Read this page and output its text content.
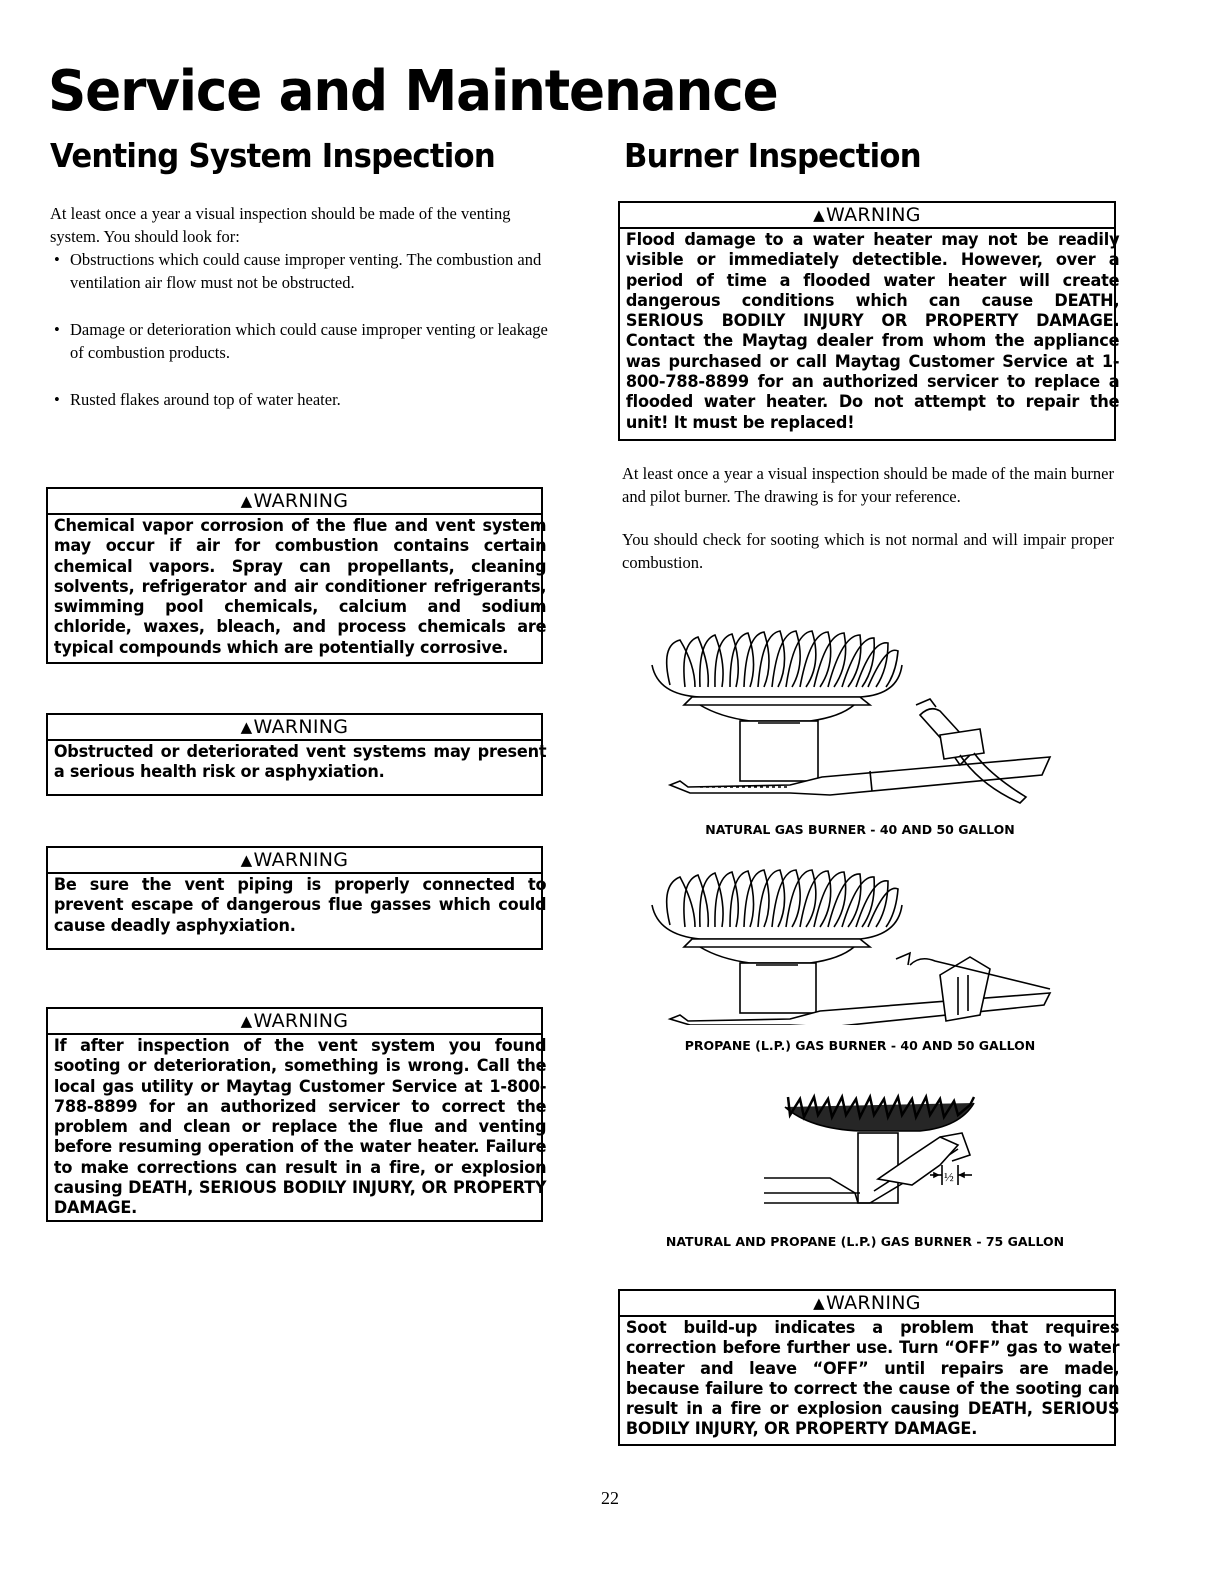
Service and Maintenance
Venting System Inspection
At least once a year a visual inspection should be made of the venting system. You should look for:
• Obstructions which could cause improper venting. The combustion and ventilation air flow must not be obstructed.
• Damage or deterioration which could cause improper venting or leakage of combustion products.
• Rusted flakes around top of water heater.
▲WARNING
Chemical vapor corrosion of the flue and vent system may occur if air for combustion contains certain chemical vapors. Spray can propellants, cleaning solvents, refrigerator and air conditioner refrigerants, swimming pool chemicals, calcium and sodium chloride, waxes, bleach, and process chemicals are typical compounds which are potentially corrosive.
▲WARNING
Obstructed or deteriorated vent systems may present a serious health risk or asphyxiation.
▲WARNING
Be sure the vent piping is properly connected to prevent escape of dangerous flue gasses which could cause deadly asphyxiation.
▲WARNING
If after inspection of the vent system you found sooting or deterioration, something is wrong. Call the local gas utility or Maytag Customer Service at 1-800-788-8899 for an authorized servicer to correct the problem and clean or replace the flue and venting before resuming operation of the water heater. Failure to make corrections can result in a fire, or explosion causing DEATH, SERIOUS BODILY INJURY, OR PROPERTY DAMAGE.
Burner Inspection
▲WARNING
Flood damage to a water heater may not be readily visible or immediately detectible. However, over a period of time a flooded water heater will create dangerous conditions which can cause DEATH, SERIOUS BODILY INJURY OR PROPERTY DAMAGE. Contact the Maytag dealer from whom the appliance was purchased or call Maytag Customer Service at 1-800-788-8899 for an authorized servicer to replace a flooded water heater. Do not attempt to repair the unit! It must be replaced!
At least once a year a visual inspection should be made of the main burner and pilot burner. The drawing is for your reference.
You should check for sooting which is not normal and will impair proper combustion.
NATURAL GAS BURNER - 40 AND 50 GALLON
PROPANE (L.P.) GAS BURNER - 40 AND 50 GALLON
½
NATURAL AND PROPANE (L.P.) GAS BURNER - 75 GALLON
▲WARNING
Soot build-up indicates a problem that requires correction before further use. Turn “OFF” gas to water heater and leave “OFF” until repairs are made, because failure to correct the cause of the sooting can result in a fire or explosion causing DEATH, SERIOUS BODILY INJURY, OR PROPERTY DAMAGE.
22
